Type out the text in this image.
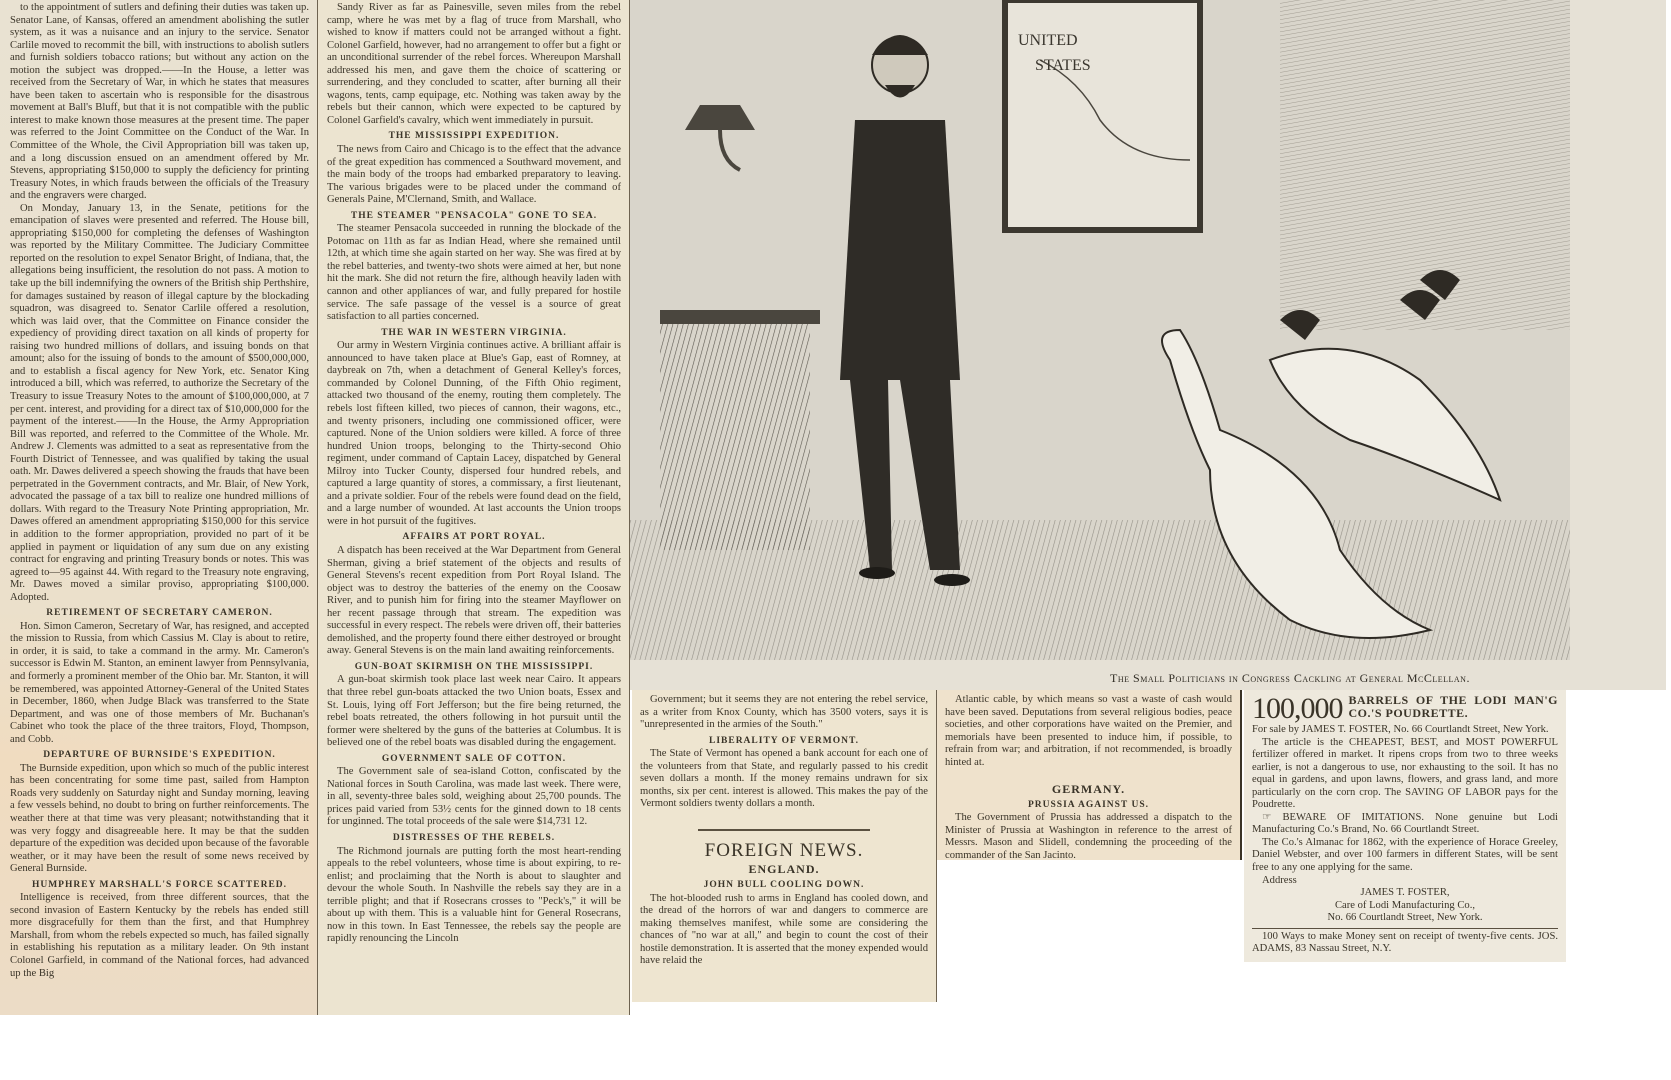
to the appointment of sutlers and defining their duties was taken up. Senator Lane, of Kansas, offered an amendment abolishing the sutler system, as it was a nuisance and an injury to the service. Senator Carlile moved to recommit the bill, with instructions to abolish sutlers and furnish soldiers tobacco rations; but without any action on the motion the subject was dropped.——In the House, a letter was received from the Secretary of War, in which he states that measures have been taken to ascertain who is responsible for the disastrous movement at Ball's Bluff, but that it is not compatible with the public interest to make known those measures at the present time. The paper was referred to the Joint Committee on the Conduct of the War. In Committee of the Whole, the Civil Appropriation bill was taken up, and a long discussion ensued on an amendment offered by Mr. Stevens, appropriating $150,000 to supply the deficiency for printing Treasury Notes, in which frauds between the officials of the Treasury and the engravers were charged.

On Monday, January 13, in the Senate, petitions for the emancipation of slaves were presented and referred. The House bill, appropriating $150,000 for completing the defenses of Washington was reported by the Military Committee. The Judiciary Committee reported on the resolution to expel Senator Bright, of Indiana, that, the allegations being insufficient, the resolution do not pass. A motion to take up the bill indemnifying the owners of the British ship Perthshire, for damages sustained by reason of illegal capture by the blockading squadron, was disagreed to. Senator Carlile offered a resolution, which was laid over, that the Committee on Finance consider the expediency of providing direct taxation on all kinds of property for raising two hundred millions of dollars, and issuing bonds on that amount; also for the issuing of bonds to the amount of $500,000,000, and to establish a fiscal agency for New York, etc. Senator King introduced a bill, which was referred, to authorize the Secretary of the Treasury to issue Treasury Notes to the amount of $100,000,000, at 7 per cent. interest, and providing for a direct tax of $10,000,000 for the payment of the interest.——In the House, the Army Appropriation Bill was reported, and referred to the Committee of the Whole. Mr. Andrew J. Clements was admitted to a seat as representative from the Fourth District of Tennessee, and was qualified by taking the usual oath. Mr. Dawes delivered a speech showing the frauds that have been perpetrated in the Government contracts, and Mr. Blair, of New York, advocated the passage of a tax bill to realize one hundred millions of dollars. With regard to the Treasury Note Printing appropriation, Mr. Dawes offered an amendment appropriating $150,000 for this service in addition to the former appropriation, provided no part of it be applied in payment or liquidation of any sum due on any existing contract for engraving and printing Treasury bonds or notes. This was agreed to—95 against 44. With regard to the Treasury note engraving, Mr. Dawes moved a similar proviso, appropriating $100,000. Adopted.

RETIREMENT OF SECRETARY CAMERON.

Hon. Simon Cameron, Secretary of War, has resigned, and accepted the mission to Russia, from which Cassius M. Clay is about to retire, in order, it is said, to take a command in the army. Mr. Cameron's successor is Edwin M. Stanton, an eminent lawyer from Pennsylvania, and formerly a prominent member of the Ohio bar. Mr. Stanton, it will be remembered, was appointed Attorney-General of the United States in December, 1860, when Judge Black was transferred to the State Department, and was one of those members of Mr. Buchanan's Cabinet who took the place of the three traitors, Floyd, Thompson, and Cobb.

DEPARTURE OF BURNSIDE'S EXPEDITION.

The Burnside expedition, upon which so much of the public interest has been concentrating for some time past, sailed from Hampton Roads very suddenly on Saturday night and Sunday morning, leaving a few vessels behind, no doubt to bring on further reinforcements. The weather there at that time was very pleasant; notwithstanding that it was very foggy and disagreeable here. It may be that the sudden departure of the expedition was decided upon because of the favorable weather, or it may have been the result of some news received by General Burnside.

HUMPHREY MARSHALL'S FORCE SCATTERED.

Intelligence is received, from three different sources, that the second invasion of Eastern Kentucky by the rebels has ended still more disgracefully for them than the first, and that Humphrey Marshall, from whom the rebels expected so much, has failed signally in establishing his reputation as a military leader. On 9th instant Colonel Garfield, in command of the National forces, had advanced up the Big

Sandy River as far as Painesville, seven miles from the rebel camp, where he was met by a flag of truce from Marshall, who wished to know if matters could not be arranged without a fight. Colonel Garfield, however, had no arrangement to offer but a fight or an unconditional surrender of the rebel forces. Whereupon Marshall addressed his men, and gave them the choice of scattering or surrendering, and they concluded to scatter, after burning all their wagons, tents, camp equipage, etc. Nothing was taken away by the rebels but their cannon, which were expected to be captured by Colonel Garfield's cavalry, which went immediately in pursuit.

THE MISSISSIPPI EXPEDITION.

The news from Cairo and Chicago is to the effect that the advance of the great expedition has commenced a Southward movement, and the main body of the troops had embarked preparatory to leaving. The various brigades were to be placed under the command of Generals Paine, M'Clernand, Smith, and Wallace.

THE STEAMER "PENSACOLA" GONE TO SEA.

The steamer Pensacola succeeded in running the blockade of the Potomac on 11th as far as Indian Head, where she remained until 12th, at which time she again started on her way. She was fired at by the rebel batteries, and twenty-two shots were aimed at her, but none hit the mark. She did not return the fire, although heavily laden with cannon and other appliances of war, and fully prepared for hostile service. The safe passage of the vessel is a source of great satisfaction to all parties concerned.

THE WAR IN WESTERN VIRGINIA.

Our army in Western Virginia continues active. A brilliant affair is announced to have taken place at Blue's Gap, east of Romney, at daybreak on 7th, when a detachment of General Kelley's forces, commanded by Colonel Dunning, of the Fifth Ohio regiment, attacked two thousand of the enemy, routing them completely. The rebels lost fifteen killed, two pieces of cannon, their wagons, etc., and twenty prisoners, including one commissioned officer, were captured. None of the Union soldiers were killed. A force of three hundred Union troops, belonging to the Thirty-second Ohio regiment, under command of Captain Lacey, dispatched by General Milroy into Tucker County, dispersed four hundred rebels, and captured a large quantity of stores, a commissary, a first lieutenant, and a private soldier. Four of the rebels were found dead on the field, and a large number of wounded. At last accounts the Union troops were in hot pursuit of the fugitives.

AFFAIRS AT PORT ROYAL.

A dispatch has been received at the War Department from General Sherman, giving a brief statement of the objects and results of General Stevens's recent expedition from Port Royal Island. The object was to destroy the batteries of the enemy on the Coosaw River, and to punish him for firing into the steamer Mayflower on her recent passage through that stream. The expedition was successful in every respect. The rebels were driven off, their batteries demolished, and the property found there either destroyed or brought away. General Stevens is on the main land awaiting reinforcements.

GUN-BOAT SKIRMISH ON THE MISSISSIPPI.

A gun-boat skirmish took place last week near Cairo. It appears that three rebel gun-boats attacked the two Union boats, Essex and St. Louis, lying off Fort Jefferson; but the fire being returned, the rebel boats retreated, the others following in hot pursuit until the former were sheltered by the guns of the batteries at Columbus. It is believed one of the rebel boats was disabled during the engagement.

GOVERNMENT SALE OF COTTON.

The Government sale of sea-island Cotton, confiscated by the National forces in South Carolina, was made last week. There were, in all, seventy-three bales sold, weighing about 25,700 pounds. The prices paid varied from 53½ cents for the ginned down to 18 cents for unginned. The total proceeds of the sale were $14,731 12.

DISTRESSES OF THE REBELS.

The Richmond journals are putting forth the most heart-rending appeals to the rebel volunteers, whose time is about expiring, to re-enlist; and proclaiming that the North is about to slaughter and devour the whole South. In Nashville the rebels say they are in a terrible plight; and that if Rosecrans crosses to "Peck's," it will be about up with them. This is a valuable hint for General Rosecrans, now in this town. In East Tennessee, the rebels say the people are rapidly renouncing the Lincoln

UNITED
STATES
The Small Politicians in Congress Cackling at General McClellan.

Government; but it seems they are not entering the rebel service, as a writer from Knox County, which has 3500 voters, says it is "unrepresented in the armies of the South."

LIBERALITY OF VERMONT.

The State of Vermont has opened a bank account for each one of the volunteers from that State, and regularly passed to his credit seven dollars a month. If the money remains undrawn for six months, six per cent. interest is allowed. This makes the pay of the Vermont soldiers twenty dollars a month.

FOREIGN NEWS.
ENGLAND.
JOHN BULL COOLING DOWN.

The hot-blooded rush to arms in England has cooled down, and the dread of the horrors of war and dangers to commerce are making themselves manifest, while some are considering the chances of "no war at all," and begin to count the cost of their hostile demonstration. It is asserted that the money expended would have relaid the

Atlantic cable, by which means so vast a waste of cash would have been saved. Deputations from several religious bodies, peace societies, and other corporations have waited on the Premier, and memorials have been presented to induce him, if possible, to refrain from war; and arbitration, if not recommended, is broadly hinted at.

GERMANY.
PRUSSIA AGAINST US.

The Government of Prussia has addressed a dispatch to the Minister of Prussia at Washington in reference to the arrest of Messrs. Mason and Slidell, condemning the proceeding of the commander of the San Jacinto.

100,000 BARRELS OF THE LODI MAN'G CO.'S POUDRETTE.

For sale by JAMES T. FOSTER, No. 66 Courtlandt Street, New York.

The article is the CHEAPEST, BEST, and MOST POWERFUL fertilizer offered in market. It ripens crops from two to three weeks earlier, is not a dangerous to use, nor exhausting to the soil. It has no equal in gardens, and upon lawns, flowers, and grass land, and more particularly on the corn crop. The SAVING OF LABOR pays for the Poudrette.

☞ BEWARE OF IMITATIONS. None genuine but Lodi Manufacturing Co.'s Brand, No. 66 Courtlandt Street.

The Co.'s Almanac for 1862, with the experience of Horace Greeley, Daniel Webster, and over 100 farmers in different States, will be sent free to any one applying for the same.

Address

JAMES T. FOSTER,

Care of Lodi Manufacturing Co.,

No. 66 Courtlandt Street, New York.

100 Ways to make Money sent on receipt of twenty-five cents. JOS. ADAMS, 83 Nassau Street, N.Y.
